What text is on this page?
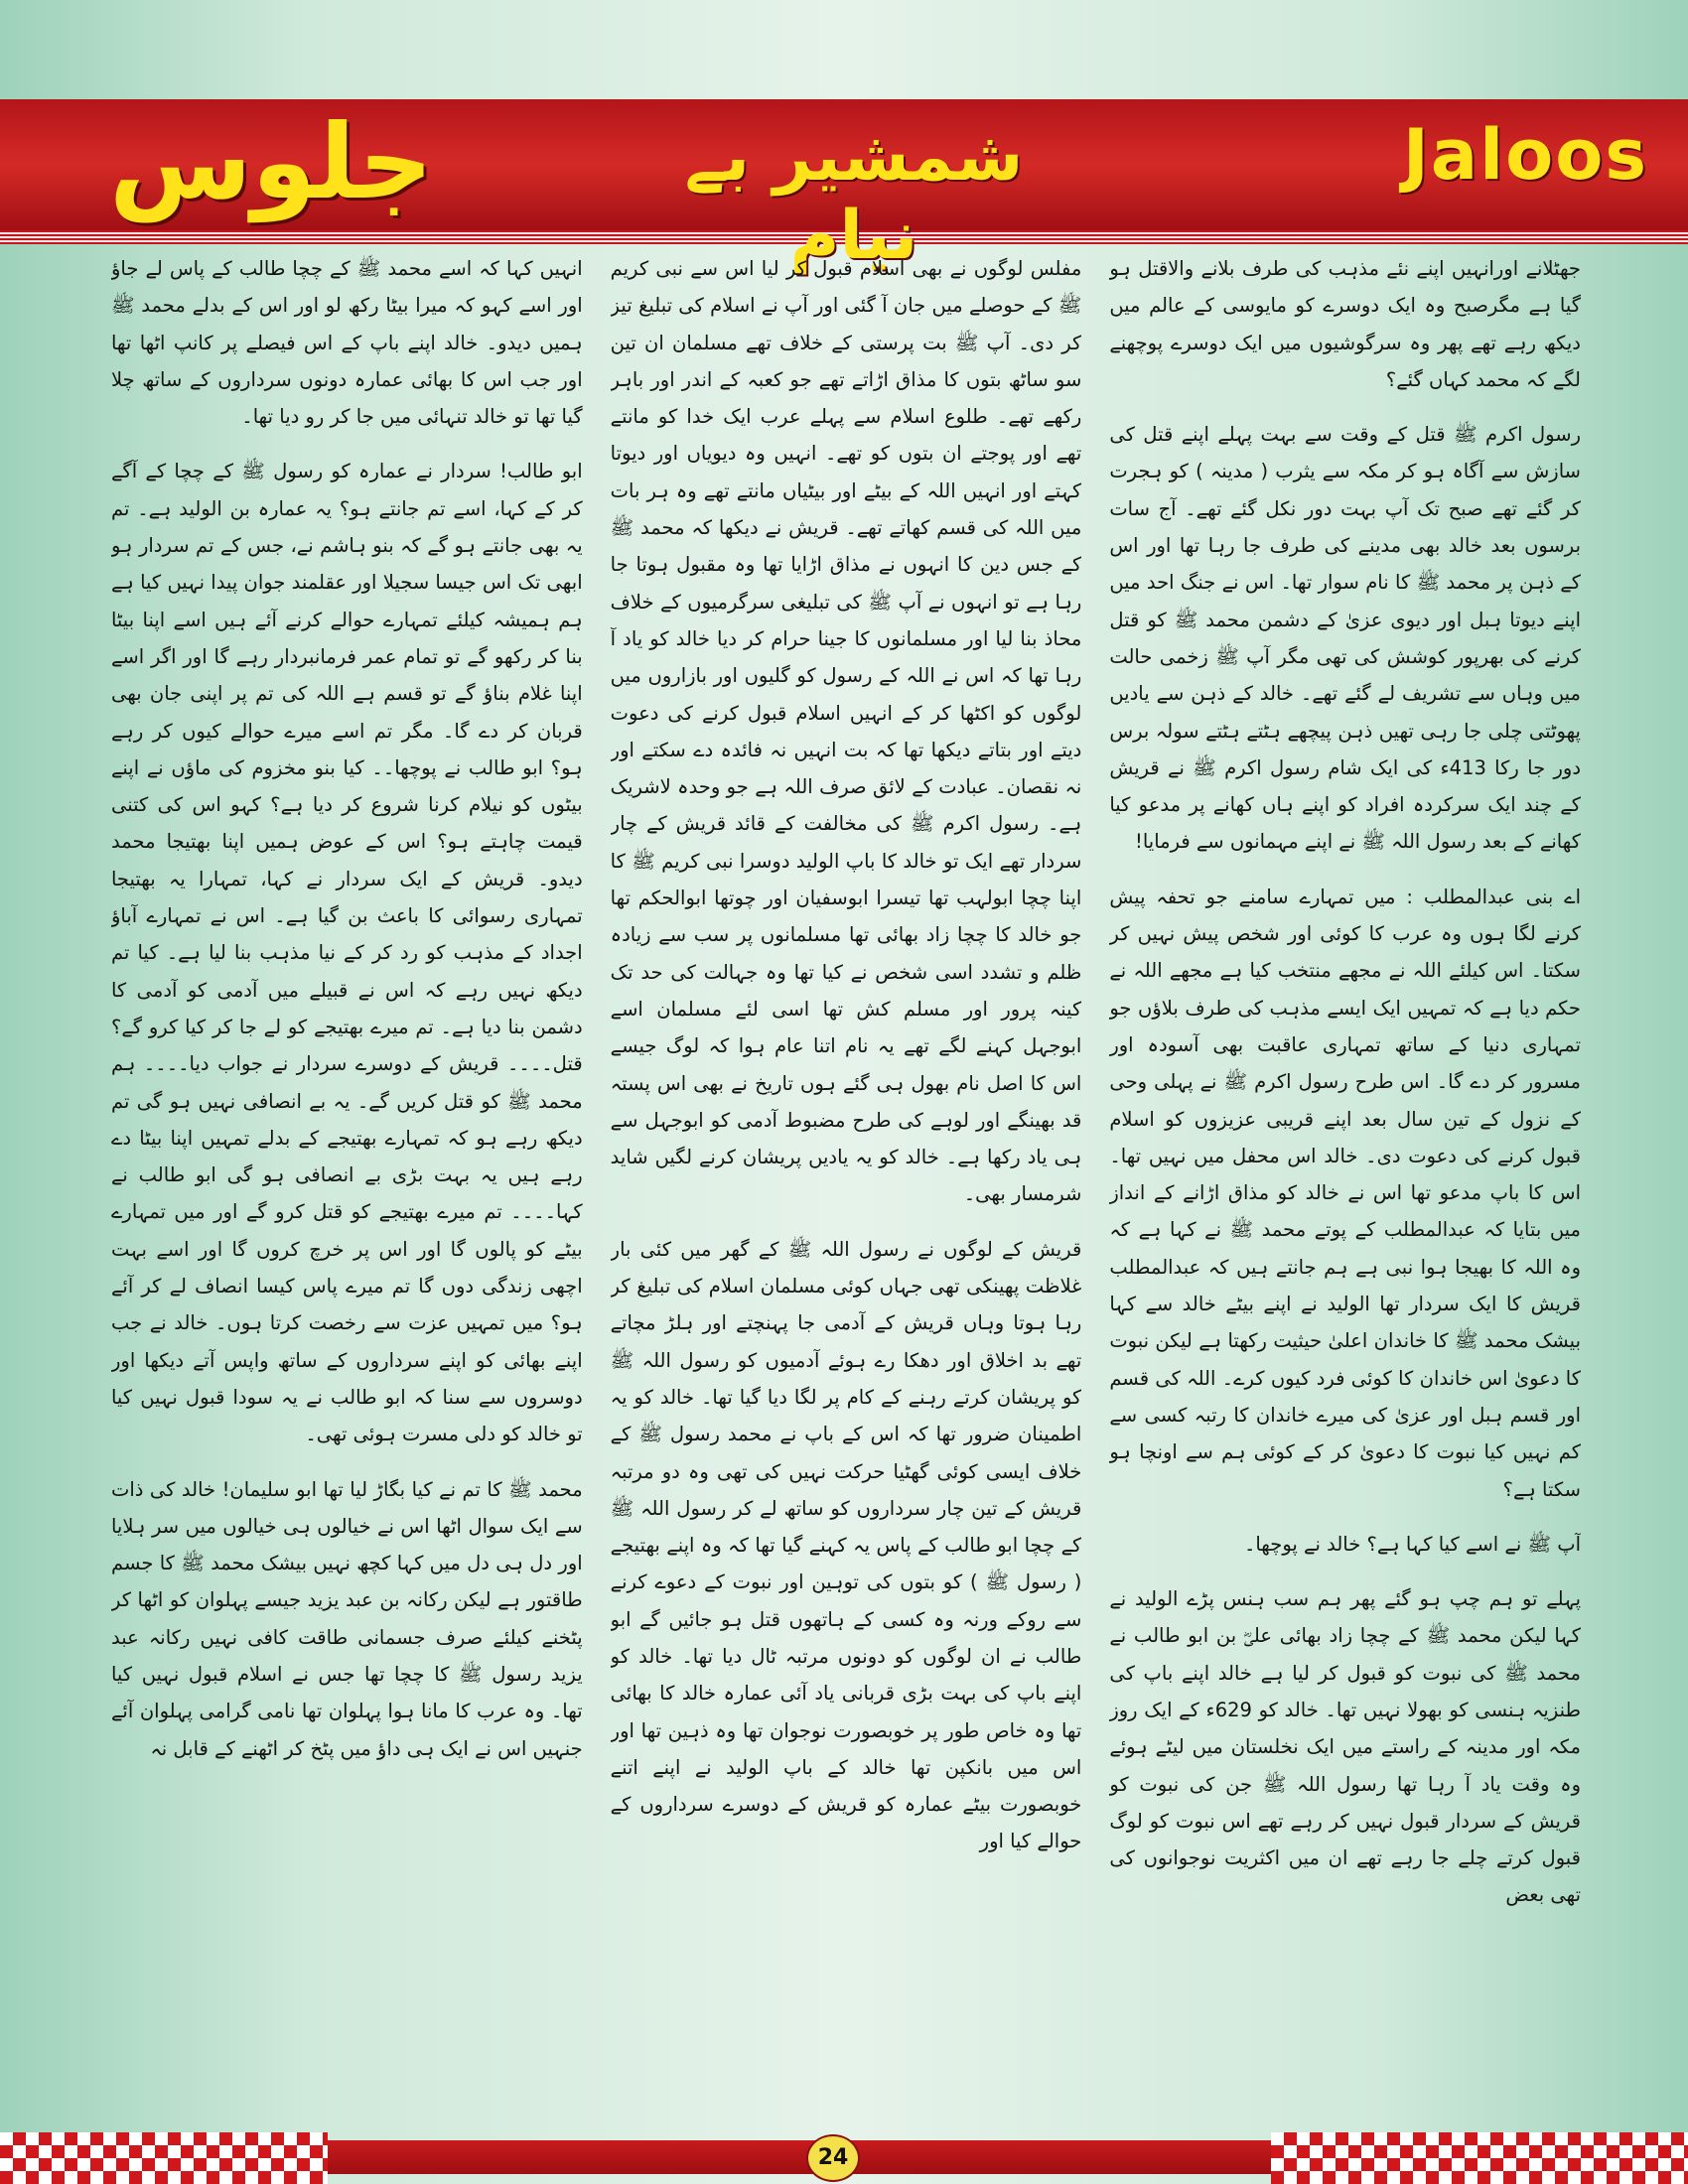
Jaloos
شمشیر بے نیام
جلوس

جھٹلانے اورانہیں اپنے نئے مذہب کی طرف بلانے والاقتل ہو گیا ہے مگرصبح وہ ایک دوسرے کو مایوسی کے عالم میں دیکھ رہے تھے پھر وہ سرگوشیوں میں ایک دوسرے پوچھنے لگے کہ محمد کہاں گئے؟

رسول اکرم ﷺ قتل کے وقت سے بہت پہلے اپنے قتل کی سازش سے آگاہ ہو کر مکہ سے یثرب ( مدینہ ) کو ہجرت کر گئے تھے صبح تک آپ بہت دور نکل گئے تھے۔ آج سات برسوں بعد خالد بھی مدینے کی طرف جا رہا تھا اور اس کے ذہن پر محمد ﷺ کا نام سوار تھا۔ اس نے جنگ احد میں اپنے دیوتا ہبل اور دیوی عزیٰ کے دشمن محمد ﷺ کو قتل کرنے کی بھرپور کوشش کی تھی مگر آپ ﷺ زخمی حالت میں وہاں سے تشریف لے گئے تھے۔ خالد کے ذہن سے یادیں پھوٹتی چلی جا رہی تھیں ذہن پیچھے ہٹتے ہٹتے سولہ برس دور جا رکا 413ء کی ایک شام رسول اکرم ﷺ نے قریش کے چند ایک سرکردہ افراد کو اپنے ہاں کھانے پر مدعو کیا کھانے کے بعد رسول اللہ ﷺ نے اپنے مہمانوں سے فرمایا!

اے بنی عبدالمطلب : میں تمہارے سامنے جو تحفہ پیش کرنے لگا ہوں وہ عرب کا کوئی اور شخص پیش نہیں کر سکتا۔ اس کیلئے اللہ نے مجھے منتخب کیا ہے مجھے اللہ نے حکم دیا ہے کہ تمہیں ایک ایسے مذہب کی طرف بلاؤں جو تمہاری دنیا کے ساتھ تمہاری عاقبت بھی آسودہ اور مسرور کر دے گا۔ اس طرح رسول اکرم ﷺ نے پہلی وحی کے نزول کے تین سال بعد اپنے قریبی عزیزوں کو اسلام قبول کرنے کی دعوت دی۔ خالد اس محفل میں نہیں تھا۔ اس کا باپ مدعو تھا اس نے خالد کو مذاق اڑانے کے انداز میں بتایا کہ عبدالمطلب کے پوتے محمد ﷺ نے کہا ہے کہ وہ اللہ کا بھیجا ہوا نبی ہے ہم جانتے ہیں کہ عبدالمطلب قریش کا ایک سردار تھا الولید نے اپنے بیٹے خالد سے کہا بیشک محمد ﷺ کا خاندان اعلیٰ حیثیت رکھتا ہے لیکن نبوت کا دعویٰ اس خاندان کا کوئی فرد کیوں کرے۔ اللہ کی قسم اور قسم ہبل اور عزیٰ کی میرے خاندان کا رتبہ کسی سے کم نہیں کیا نبوت کا دعویٰ کر کے کوئی ہم سے اونچا ہو سکتا ہے؟

آپ ﷺ نے اسے کیا کہا ہے؟ خالد نے پوچھا۔

پہلے تو ہم چپ ہو گئے پھر ہم سب ہنس پڑے الولید نے کہا لیکن محمد ﷺ کے چچا زاد بھائی علیؓ بن ابو طالب نے محمد ﷺ کی نبوت کو قبول کر لیا ہے خالد اپنے باپ کی طنزیہ ہنسی کو بھولا نہیں تھا۔ خالد کو 629ء کے ایک روز مکہ اور مدینہ کے راستے میں ایک نخلستان میں لیٹے ہوئے وہ وقت یاد آ رہا تھا رسول اللہ ﷺ جن کی نبوت کو قریش کے سردار قبول نہیں کر رہے تھے اس نبوت کو لوگ قبول کرتے چلے جا رہے تھے ان میں اکثریت نوجوانوں کی تھی بعض

مفلس لوگوں نے بھی اسلام قبول کر لیا اس سے نبی کریم ﷺ کے حوصلے میں جان آ گئی اور آپ نے اسلام کی تبلیغ تیز کر دی۔ آپ ﷺ بت پرستی کے خلاف تھے مسلمان ان تین سو ساٹھ بتوں کا مذاق اڑاتے تھے جو کعبہ کے اندر اور باہر رکھے تھے۔ طلوع اسلام سے پہلے عرب ایک خدا کو مانتے تھے اور پوجتے ان بتوں کو تھے۔ انہیں وہ دیویاں اور دیوتا کہتے اور انہیں اللہ کے بیٹے اور بیٹیاں مانتے تھے وہ ہر بات میں اللہ کی قسم کھاتے تھے۔ قریش نے دیکھا کہ محمد ﷺ کے جس دین کا انہوں نے مذاق اڑایا تھا وہ مقبول ہوتا جا رہا ہے تو انہوں نے آپ ﷺ کی تبلیغی سرگرمیوں کے خلاف محاذ بنا لیا اور مسلمانوں کا جینا حرام کر دیا خالد کو یاد آ رہا تھا کہ اس نے اللہ کے رسول کو گلیوں اور بازاروں میں لوگوں کو اکٹھا کر کے انہیں اسلام قبول کرنے کی دعوت دیتے اور بتاتے دیکھا تھا کہ بت انہیں نہ فائدہ دے سکتے اور نہ نقصان۔ عبادت کے لائق صرف اللہ ہے جو وحدہ لاشریک ہے۔ رسول اکرم ﷺ کی مخالفت کے قائد قریش کے چار سردار تھے ایک تو خالد کا باپ الولید دوسرا نبی کریم ﷺ کا اپنا چچا ابولہب تھا تیسرا ابوسفیان اور چوتھا ابوالحکم تھا جو خالد کا چچا زاد بھائی تھا مسلمانوں پر سب سے زیادہ ظلم و تشدد اسی شخص نے کیا تھا وہ جہالت کی حد تک کینہ پرور اور مسلم کش تھا اسی لئے مسلمان اسے ابوجہل کہنے لگے تھے یہ نام اتنا عام ہوا کہ لوگ جیسے اس کا اصل نام بھول ہی گئے ہوں تاریخ نے بھی اس پستہ قد بھینگے اور لوہے کی طرح مضبوط آدمی کو ابوجہل سے ہی یاد رکھا ہے۔ خالد کو یہ یادیں پریشان کرنے لگیں شاید شرمسار بھی۔

قریش کے لوگوں نے رسول اللہ ﷺ کے گھر میں کئی بار غلاظت پھینکی تھی جہاں کوئی مسلمان اسلام کی تبلیغ کر رہا ہوتا وہاں قریش کے آدمی جا پہنچتے اور ہلڑ مچاتے تھے بد اخلاق اور دھکا رے ہوئے آدمیوں کو رسول اللہ ﷺ کو پریشان کرتے رہنے کے کام پر لگا دیا گیا تھا۔ خالد کو یہ اطمینان ضرور تھا کہ اس کے باپ نے محمد رسول ﷺ کے خلاف ایسی کوئی گھٹیا حرکت نہیں کی تھی وہ دو مرتبہ قریش کے تین چار سرداروں کو ساتھ لے کر رسول اللہ ﷺ کے چچا ابو طالب کے پاس یہ کہنے گیا تھا کہ وہ اپنے بھتیجے ( رسول ﷺ ) کو بتوں کی توہین اور نبوت کے دعوے کرنے سے روکے ورنہ وہ کسی کے ہاتھوں قتل ہو جائیں گے ابو طالب نے ان لوگوں کو دونوں مرتبہ ٹال دیا تھا۔ خالد کو اپنے باپ کی بہت بڑی قربانی یاد آئی عمارہ خالد کا بھائی تھا وہ خاص طور پر خوبصورت نوجوان تھا وہ ذہین تھا اور اس میں بانکپن تھا خالد کے باپ الولید نے اپنے اتنے خوبصورت بیٹے عمارہ کو قریش کے دوسرے سرداروں کے حوالے کیا اور

انہیں کہا کہ اسے محمد ﷺ کے چچا طالب کے پاس لے جاؤ اور اسے کہو کہ میرا بیٹا رکھ لو اور اس کے بدلے محمد ﷺ ہمیں دیدو۔ خالد اپنے باپ کے اس فیصلے پر کانپ اٹھا تھا اور جب اس کا بھائی عمارہ دونوں سرداروں کے ساتھ چلا گیا تھا تو خالد تنہائی میں جا کر رو دیا تھا۔

ابو طالب! سردار نے عمارہ کو رسول ﷺ کے چچا کے آگے کر کے کہا، اسے تم جانتے ہو؟ یہ عمارہ بن الولید ہے۔ تم یہ بھی جانتے ہو گے کہ بنو ہاشم نے، جس کے تم سردار ہو ابھی تک اس جیسا سجیلا اور عقلمند جوان پیدا نہیں کیا ہے ہم ہمیشہ کیلئے تمہارے حوالے کرنے آئے ہیں اسے اپنا بیٹا بنا کر رکھو گے تو تمام عمر فرمانبردار رہے گا اور اگر اسے اپنا غلام بناؤ گے تو قسم ہے اللہ کی تم پر اپنی جان بھی قربان کر دے گا۔ مگر تم اسے میرے حوالے کیوں کر رہے ہو؟ ابو طالب نے پوچھا۔۔ کیا بنو مخزوم کی ماؤں نے اپنے بیٹوں کو نیلام کرنا شروع کر دیا ہے؟ کہو اس کی کتنی قیمت چاہتے ہو؟ اس کے عوض ہمیں اپنا بھتیجا محمد دیدو۔ قریش کے ایک سردار نے کہا، تمہارا یہ بھتیجا تمہاری رسوائی کا باعث بن گیا ہے۔ اس نے تمہارے آباؤ اجداد کے مذہب کو رد کر کے نیا مذہب بنا لیا ہے۔ کیا تم دیکھ نہیں رہے کہ اس نے قبیلے میں آدمی کو آدمی کا دشمن بنا دیا ہے۔ تم میرے بھتیجے کو لے جا کر کیا کرو گے؟ قتل۔۔۔۔ قریش کے دوسرے سردار نے جواب دیا۔۔۔۔ ہم محمد ﷺ کو قتل کریں گے۔ یہ بے انصافی نہیں ہو گی تم دیکھ رہے ہو کہ تمہارے بھتیجے کے بدلے تمہیں اپنا بیٹا دے رہے ہیں یہ بہت بڑی بے انصافی ہو گی ابو طالب نے کہا۔۔۔۔ تم میرے بھتیجے کو قتل کرو گے اور میں تمہارے بیٹے کو پالوں گا اور اس پر خرچ کروں گا اور اسے بہت اچھی زندگی دوں گا تم میرے پاس کیسا انصاف لے کر آئے ہو؟ میں تمہیں عزت سے رخصت کرتا ہوں۔ خالد نے جب اپنے بھائی کو اپنے سرداروں کے ساتھ واپس آتے دیکھا اور دوسروں سے سنا کہ ابو طالب نے یہ سودا قبول نہیں کیا تو خالد کو دلی مسرت ہوئی تھی۔

محمد ﷺ کا تم نے کیا بگاڑ لیا تھا ابو سلیمان! خالد کی ذات سے ایک سوال اٹھا اس نے خیالوں ہی خیالوں میں سر ہلایا اور دل ہی دل میں کہا کچھ نہیں بیشک محمد ﷺ کا جسم طاقتور ہے لیکن رکانہ بن عبد یزید جیسے پہلوان کو اٹھا کر پٹخنے کیلئے صرف جسمانی طاقت کافی نہیں رکانہ عبد یزید رسول ﷺ کا چچا تھا جس نے اسلام قبول نہیں کیا تھا۔ وہ عرب کا مانا ہوا پہلوان تھا نامی گرامی پہلوان آئے جنہیں اس نے ایک ہی داؤ میں پٹخ کر اٹھنے کے قابل نہ

24
